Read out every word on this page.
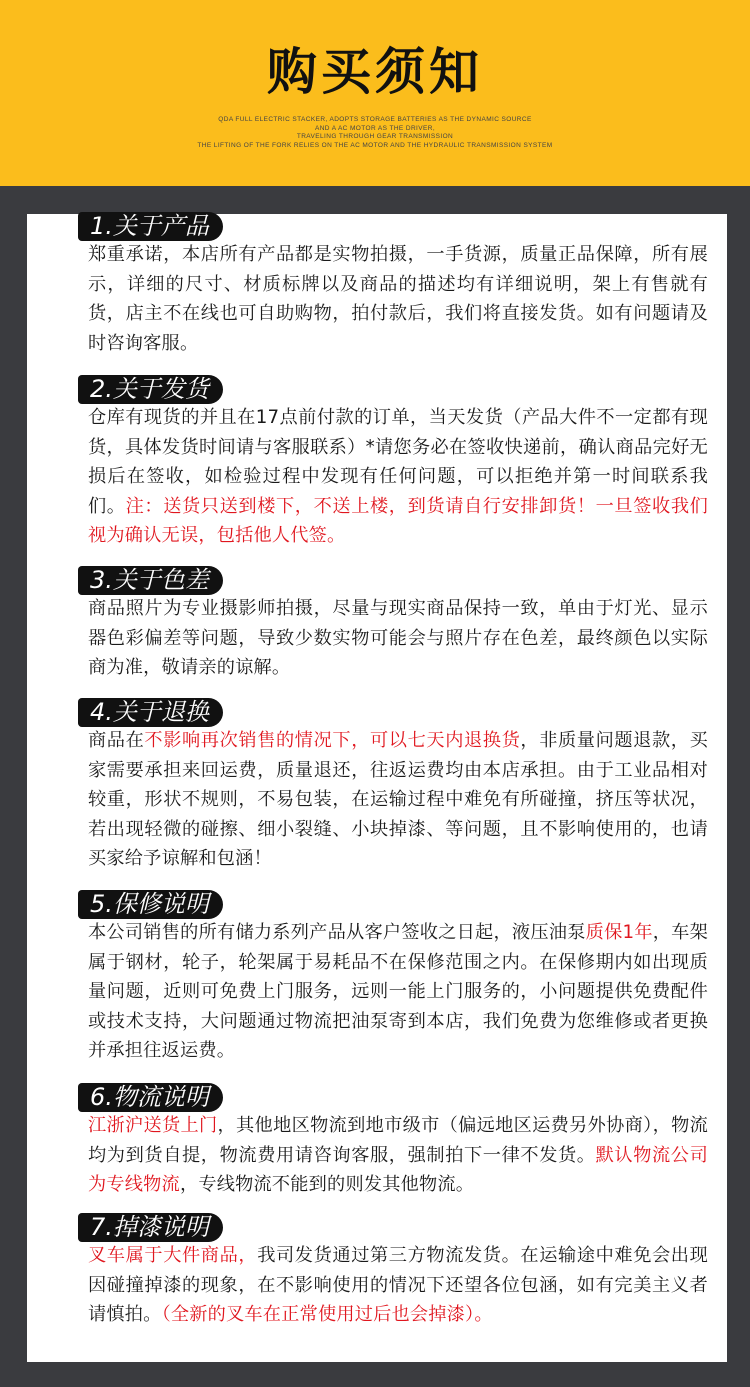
购买须知
QDA FULL ELECTRIC STACKER, ADOPTS STORAGE BATTERIES AS THE DYNAMIC SOURCE
AND A AC MOTOR AS THE DRIVER,
TRAVELING THROUGH GEAR TRANSMISSION
THE LIFTING OF THE FORK RELIES ON THE AC MOTOR AND THE HYDRAULIC TRANSMISSION SYSTEM
1.关于产品

郑重承诺，本店所有产品都是实物拍摄，一手货源，质量正品保障，所有展示，详细的尺寸、材质标牌以及商品的描述均有详细说明，架上有售就有货，店主不在线也可自助购物，拍付款后，我们将直接发货。如有问题请及时咨询客服。

2.关于发货

仓库有现货的并且在17点前付款的订单，当天发货（产品大件不一定都有现货，具体发货时间请与客服联系）*请您务必在签收快递前，确认商品完好无损后在签收，如检验过程中发现有任何问题，可以拒绝并第一时间联系我们。注：送货只送到楼下，不送上楼，到货请自行安排卸货！一旦签收我们视为确认无误，包括他人代签。

3.关于色差

商品照片为专业摄影师拍摄，尽量与现实商品保持一致，单由于灯光、显示器色彩偏差等问题，导致少数实物可能会与照片存在色差，最终颜色以实际商为准，敬请亲的谅解。

4.关于退换

商品在不影响再次销售的情况下，可以七天内退换货，非质量问题退款，买家需要承担来回运费，质量退还，往返运费均由本店承担。由于工业品相对较重，形状不规则，不易包装，在运输过程中难免有所碰撞，挤压等状况，若出现轻微的碰擦、细小裂缝、小块掉漆、等问题，且不影响使用的，也请买家给予谅解和包涵！

5.保修说明

本公司销售的所有储力系列产品从客户签收之日起，液压油泵质保1年，车架属于钢材，轮子，轮架属于易耗品不在保修范围之内。在保修期内如出现质量问题，近则可免费上门服务，远则一能上门服务的，小问题提供免费配件或技术支持，大问题通过物流把油泵寄到本店，我们免费为您维修或者更换并承担往返运费。

6.物流说明

江浙沪送货上门，其他地区物流到地市级市（偏远地区运费另外协商），物流均为到货自提，物流费用请咨询客服，强制拍下一律不发货。默认物流公司为专线物流，专线物流不能到的则发其他物流。

7.掉漆说明

叉车属于大件商品，我司发货通过第三方物流发货。在运输途中难免会出现因碰撞掉漆的现象，在不影响使用的情况下还望各位包涵，如有完美主义者请慎拍。（全新的叉车在正常使用过后也会掉漆）。
